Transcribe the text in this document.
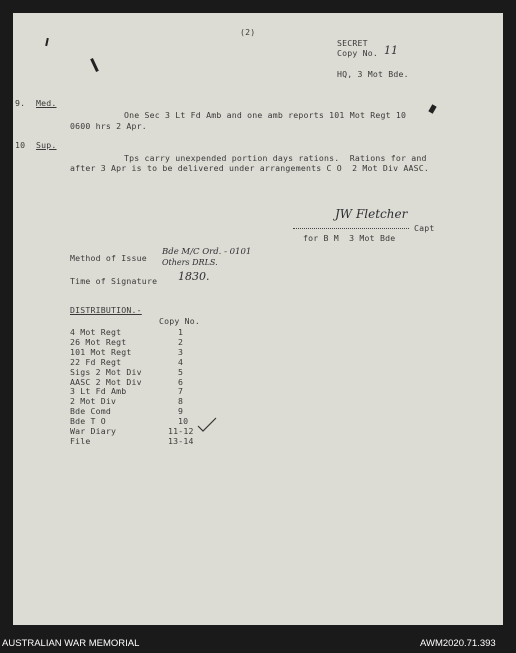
(2)
SECRET
Copy No. 11
HQ, 3 Mot Bde.
9. Med.
One Sec 3 Lt Fd Amb and one amb reports 101 Mot Regt 10
0600 hrs 2 Apr.
10 Sup.
Tps carry unexpended portion days rations.  Rations for and
after 3 Apr is to be delivered under arrangements C O  2 Mot Div AASC.
JW Fletcher
Capt
for B M  3 Mot Bde
Method of Issue
Bde M/C Ord. - 0101
Others DRLS.
Time of Signature 1830.
DISTRIBUTION.-
Copy No.
4 Mot Regt	1
26 Mot Regt	2
101 Mot Regt	3
22 Fd Regt	4
Sigs 2 Mot Div	5
AASC 2 Mot Div	6
3 Lt Fd Amb	7
2 Mot Div	8
Bde Comd	9
Bde T O	10
War Diary	11-12
File	13-14
AUSTRALIAN WAR MEMORIAL	AWM2020.71.393
